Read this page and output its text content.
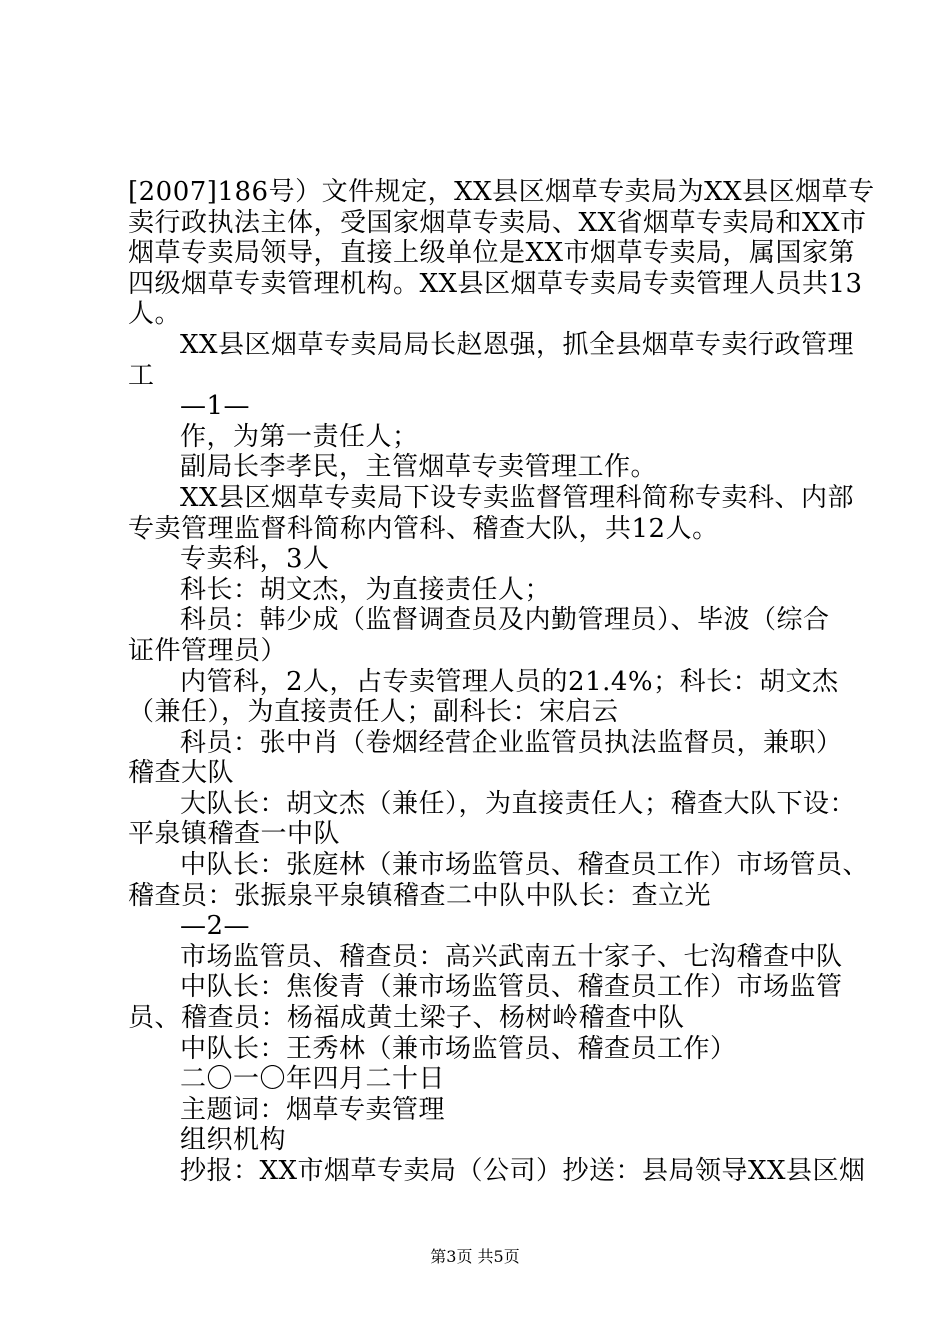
[2007]186号）文件规定，XX县区烟草专卖局为XX县区烟草专
卖行政执法主体，受国家烟草专卖局、XX省烟草专卖局和XX市
烟草专卖局领导，直接上级单位是XX市烟草专卖局，属国家第
四级烟草专卖管理机构。XX县区烟草专卖局专卖管理人员共13
人。
XX县区烟草专卖局局长赵恩强，抓全县烟草专卖行政管理
工
—1—
作，为第一责任人；
副局长李孝民，主管烟草专卖管理工作。
XX县区烟草专卖局下设专卖监督管理科简称专卖科、内部
专卖管理监督科简称内管科、稽查大队，共12人。
专卖科，3人
科长：胡文杰，为直接责任人；
科员：韩少成（监督调查员及内勤管理员）、毕波（综合
证件管理员）
内管科，2人，占专卖管理人员的21.4%；科长：胡文杰
（兼任），为直接责任人；副科长：宋启云
科员：张中肖（卷烟经营企业监管员执法监督员，兼职）
稽查大队
大队长：胡文杰（兼任），为直接责任人；稽查大队下设：
平泉镇稽查一中队
中队长：张庭林（兼市场监管员、稽查员工作）市场管员、
稽查员：张振泉平泉镇稽查二中队中队长：查立光
—2—
市场监管员、稽查员：高兴武南五十家子、七沟稽查中队
中队长：焦俊青（兼市场监管员、稽查员工作）市场监管
员、稽查员：杨福成黄土梁子、杨树岭稽查中队
中队长：王秀林（兼市场监管员、稽查员工作）
二〇一〇年四月二十日
主题词：烟草专卖管理
组织机构
抄报：XX市烟草专卖局（公司）抄送：县局领导XX县区烟
第3页 共5页
